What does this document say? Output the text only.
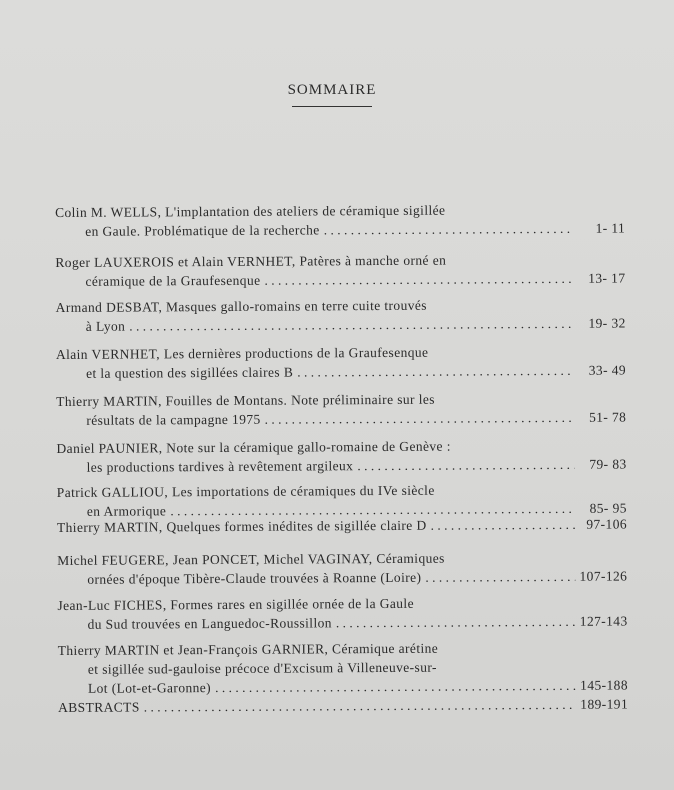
SOMMAIRE
Colin M. WELLS, L'implantation des ateliers de céramique sigillée
en Gaule. Problématique de la recherche . . .	1- 11
Roger LAUXEROIS et Alain VERNHET, Patères à manche orné en
céramique de la Graufesenque . . .	13- 17
Armand DESBAT, Masques gallo-romains en terre cuite trouvés
à Lyon . . .	19- 32
Alain VERNHET, Les dernières productions de la Graufesenque
et la question des sigillées claires B . . .	33- 49
Thierry MARTIN, Fouilles de Montans. Note préliminaire sur les
résultats de la campagne 1975 . . .	51- 78
Daniel PAUNIER, Note sur la céramique gallo-romaine de Genève :
les productions tardives à revêtement argileux . . .	79- 83
Patrick GALLIOU, Les importations de céramiques du IVe siècle
en Armorique . . .	85- 95
Thierry MARTIN, Quelques formes inédites de sigillée claire D . . .	97-106
Michel FEUGERE, Jean PONCET, Michel VAGINAY, Céramiques
ornées d'époque Tibère-Claude trouvées à Roanne (Loire) . . .	107-126
Jean-Luc FICHES, Formes rares en sigillée ornée de la Gaule
du Sud trouvées en Languedoc-Roussillon . . .	127-143
Thierry MARTIN et Jean-François GARNIER, Céramique arétine
et sigillée sud-gauloise précoce d'Excisum à Villeneuve-sur-
Lot (Lot-et-Garonne) . . .	145-188
ABSTRACTS . . .	189-191
